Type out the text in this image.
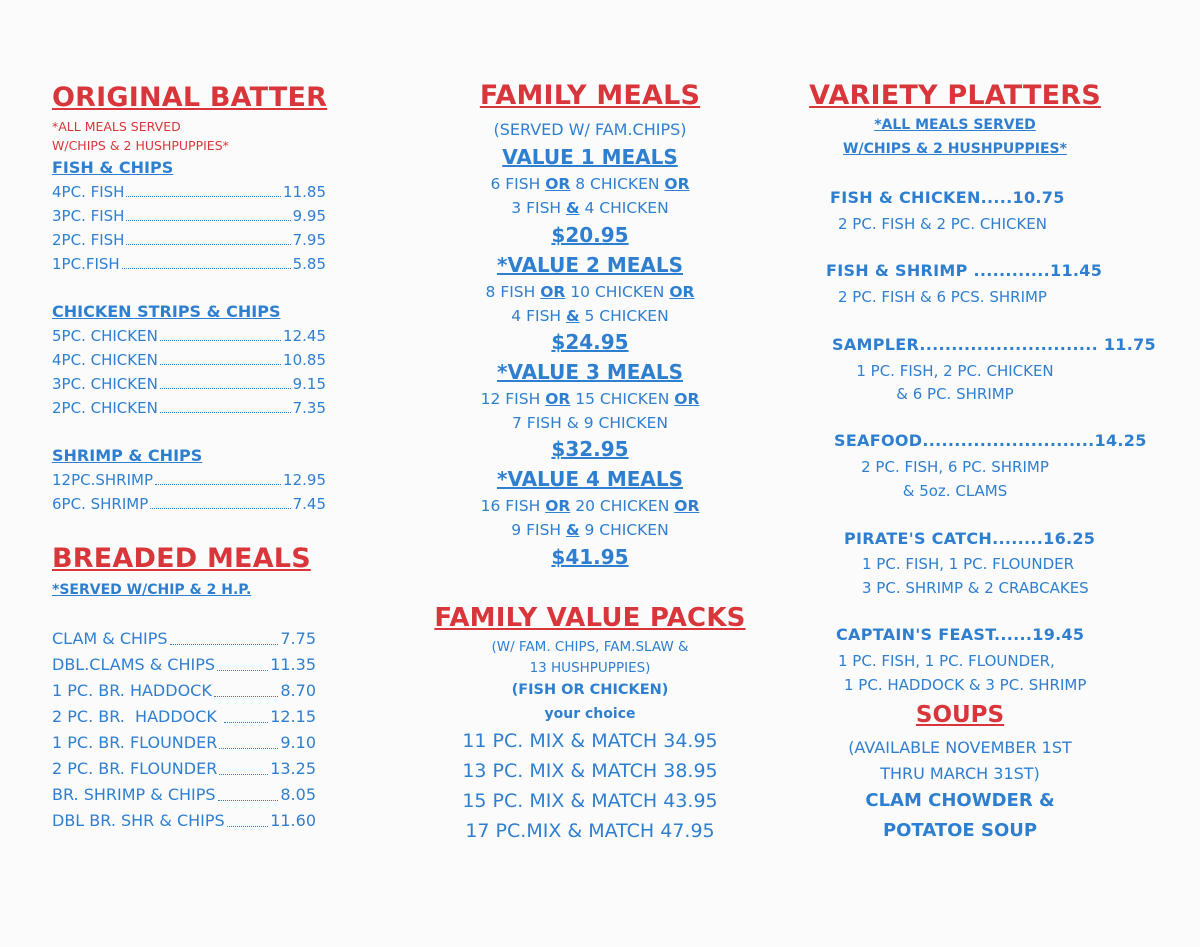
ORIGINAL BATTER
*ALL MEALS SERVED
W/CHIPS & 2 HUSHPUPPIES*
FISH & CHIPS
4PC. FISH	11.85
3PC. FISH	9.95
2PC. FISH	7.95
1PC.FISH	5.85
CHICKEN STRIPS & CHIPS
5PC. CHICKEN	12.45
4PC. CHICKEN	10.85
3PC. CHICKEN	9.15
2PC. CHICKEN	7.35
SHRIMP & CHIPS
12PC.SHRIMP	12.95
6PC. SHRIMP	7.45
BREADED MEALS
*SERVED W/CHIP & 2 H.P.
CLAM & CHIPS	7.75
DBL.CLAMS & CHIPS	11.35
1 PC. BR. HADDOCK	8.70
2 PC. BR.  HADDOCK	12.15
1 PC. BR. FLOUNDER	9.10
2 PC. BR. FLOUNDER	13.25
BR. SHRIMP & CHIPS	8.05
DBL BR. SHR & CHIPS	11.60
FAMILY MEALS
(SERVED W/ FAM.CHIPS)
VALUE 1 MEALS
6 FISH OR 8 CHICKEN OR
3 FISH & 4 CHICKEN
$20.95
*VALUE 2 MEALS
8 FISH OR 10 CHICKEN OR
4 FISH & 5 CHICKEN
$24.95
*VALUE 3 MEALS
12 FISH OR 15 CHICKEN OR
7 FISH & 9 CHICKEN
$32.95
*VALUE 4 MEALS
16 FISH OR 20 CHICKEN OR
9 FISH & 9 CHICKEN
$41.95
FAMILY VALUE PACKS
(W/ FAM. CHIPS, FAM.SLAW &
13 HUSHPUPPIES)
(FISH OR CHICKEN)
your choice
11 PC. MIX & MATCH 34.95
13 PC. MIX & MATCH 38.95
15 PC. MIX & MATCH 43.95
17 PC.MIX & MATCH 47.95
VARIETY PLATTERS
*ALL MEALS SERVED
W/CHIPS & 2 HUSHPUPPIES*
FISH & CHICKEN.....10.75
2 PC. FISH & 2 PC. CHICKEN
FISH & SHRIMP ............11.45
2 PC. FISH & 6 PCS. SHRIMP
SAMPLER............................ 11.75
1 PC. FISH, 2 PC. CHICKEN
& 6 PC. SHRIMP
SEAFOOD...........................14.25
2 PC. FISH, 6 PC. SHRIMP
& 5oz. CLAMS
PIRATE'S CATCH........16.25
1 PC. FISH, 1 PC. FLOUNDER
3 PC. SHRIMP & 2 CRABCAKES
CAPTAIN'S FEAST......19.45
1 PC. FISH, 1 PC. FLOUNDER,
1 PC. HADDOCK & 3 PC. SHRIMP
SOUPS
(AVAILABLE NOVEMBER 1ST
THRU MARCH 31ST)
CLAM CHOWDER &
POTATOE SOUP
